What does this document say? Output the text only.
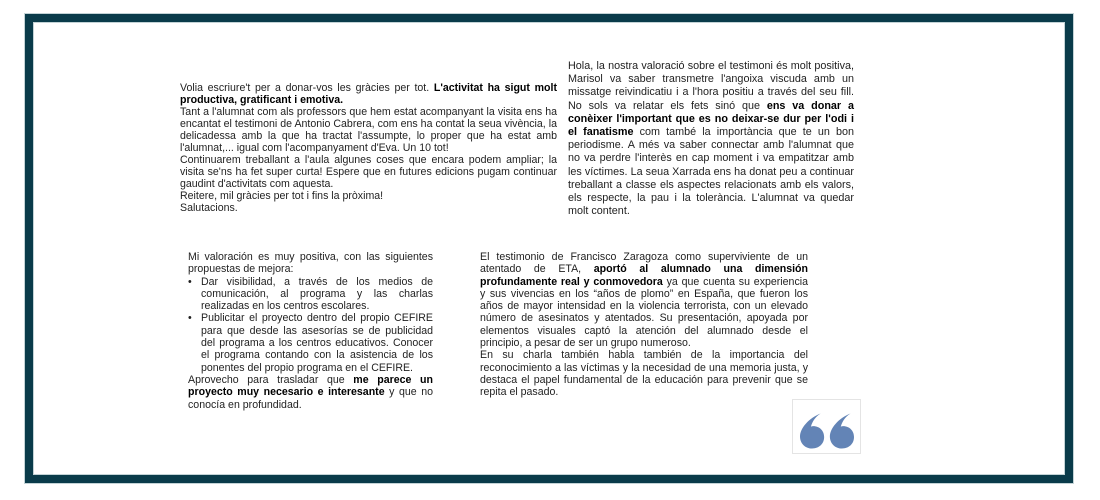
Volia escriure't per a donar-vos les gràcies per tot. L'activitat ha sigut molt productiva, gratificant i emotiva.
Tant a l'alumnat com als professors que hem estat acompanyant la visita ens ha encantat el testimoni de Antonio Cabrera, com ens ha contat la seua vivència, la delicadessa amb la que ha tractat l'assumpte, lo proper que ha estat amb l'alumnat,... igual com l'acompanyament d'Eva. Un 10 tot!
Continuarem treballant a l'aula algunes coses que encara podem ampliar; la visita se'ns ha fet super curta! Espere que en futures edicions pugam continuar gaudint d'activitats com aquesta.
Reitere, mil gràcies per tot i fins la pròxima!
Salutacions.
Hola, la nostra valoració sobre el testimoni és molt positiva, Marisol va saber transmetre l'angoixa viscuda amb un missatge reivindicatiu i a l'hora positiu a través del seu fill. No sols va relatar els fets sinó que ens va donar a conèixer l'important que es no deixar-se dur per l'odi i el fanatisme com també la importància que te un bon periodisme. A més va saber connectar amb l'alumnat que no va perdre l'interès en cap moment i va empatitzar amb les víctimes. La seua Xarrada ens ha donat peu a continuar treballant a classe els aspectes relacionats amb els valors, els respecte, la pau i la tolerància. L'alumnat va quedar molt content.
Mi valoración es muy positiva, con las siguientes propuestas de mejora:
• Dar visibilidad, a través de los medios de comunicación, al programa y las charlas realizadas en los centros escolares.
• Publicitar el proyecto dentro del propio CEFIRE para que desde las asesorías se de publicidad del programa a los centros educativos. Conocer el programa contando con la asistencia de los ponentes del propio programa en el CEFIRE.
Aprovecho para trasladar que me parece un proyecto muy necesario e interesante y que no conocía en profundidad.
El testimonio de Francisco Zaragoza como superviviente de un atentado de ETA, aportó al alumnado una dimensión profundamente real y conmovedora ya que cuenta su experiencia y sus vivencias en los “años de plomo” en España, que fueron los años de mayor intensidad en la violencia terrorista, con un elevado número de asesinatos y atentados. Su presentación, apoyada por elementos visuales captó la atención del alumnado desde el principio, a pesar de ser un grupo numeroso.
En su charla también habla también de la importancia del reconocimiento a las víctimas y la necesidad de una memoria justa, y destaca el papel fundamental de la educación para prevenir que se repita el pasado.
